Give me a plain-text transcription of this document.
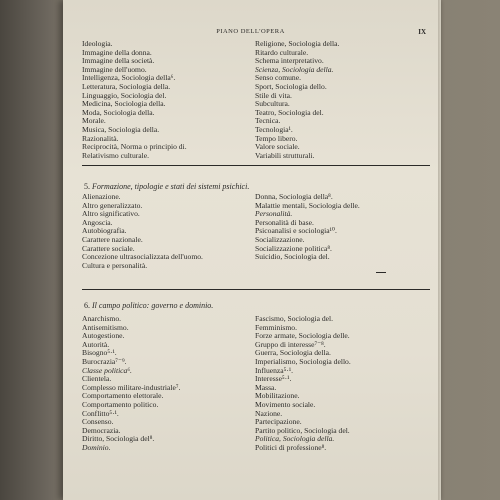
PIANO DELL'OPERA	IX
Ideologia.
Immagine della donna.
Immagine della società.
Immagine dell'uomo.
Intelligenza, Sociologia della⁶.
Letteratura, Sociologia della.
Linguaggio, Sociologia del.
Medicina, Sociologia della.
Moda, Sociologia della.
Morale.
Musica, Sociologia della.
Razionalità.
Reciprocità, Norma o principio di.
Relativismo culturale.
Religione, Sociologia della.
Ritardo culturale.
Schema interpretativo.
Scienza, Sociologia della.
Senso comune.
Sport, Sociologia dello.
Stile di vita.
Subcultura.
Teatro, Sociologia del.
Tecnica.
Tecnologia¹.
Tempo libero.
Valore sociale.
Variabili strutturali.
5. Formazione, tipologie e stati dei sistemi psichici.
Alienazione.
Altro generalizzato.
Altro significativo.
Angoscia.
Autobiografia.
Carattere nazionale.
Carattere sociale.
Concezione ultrasocializzata dell'uomo.
Cultura e personalità.
Donna, Sociologia della⁸.
Malattie mentali, Sociologia delle.
Personalità.
Personalità di base.
Psicoanalisi e sociologia¹⁰.
Socializzazione.
Socializzazione politica⁸.
Suicidio, Sociologia del.
6. Il campo politico: governo e dominio.
Anarchismo.
Antisemitismo.
Autogestione.
Autorità.
Bisogno⁵·¹.
Burocrazia⁷⁻⁹.
Classe politica⁶.
Clientela.
Complesso militare-industriale⁷.
Comportamento elettorale.
Comportamento politico.
Conflitto⁵·¹.
Consenso.
Democrazia.
Diritto, Sociologia del⁸.
Dominio.
Fascismo, Sociologia del.
Femminismo.
Forze armate, Sociologia delle.
Gruppo di interesse⁷⁻⁸.
Guerra, Sociologia della.
Imperialismo, Sociologia dello.
Influenza⁵·¹.
Interesse⁵·¹.
Massa.
Mobilitazione.
Movimento sociale.
Nazione.
Partecipazione.
Partito politico, Sociologia del.
Politica, Sociologia della.
Politici di professione⁸.
